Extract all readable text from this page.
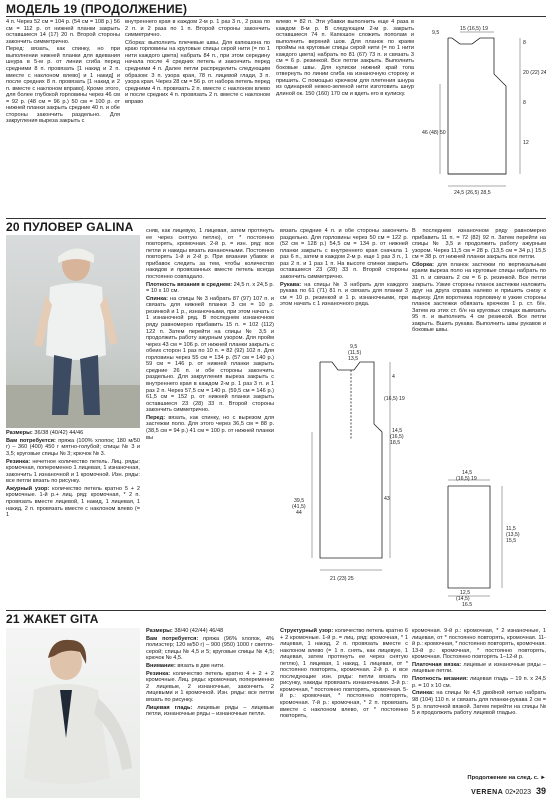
МОДЕЛЬ 19 (ПРОДОЛЖЕНИЕ)

4 п. Через 52 см = 104 р. (54 см = 108 р.) 56 см = 112 р. от нижней планки закрыть оставшиеся 14 (17) 20 п. Второй стороны закончить симметрично.

Перед: вязать, как спинку, но при выполнении нижней планки для вдевания шнура в 5-м р. от линии сгиба перед средними 8 п. провязать [1 накид и 2 п. вместе с наклоном влево] и 1 накид] и после средних 8 п. провязать [1 накид и 2 п. вместе с наклоном вправо]. Кроме этого, для более глубокой горловины через 46 см = 92 р. (48 см = 96 р.) 50 см = 100 р. от нижней планки закрыть средние 40 п. и обе стороны закончить раздельно. Для закругления выреза закрыть с

внутреннего края в каждом 2-м р. 1 раз 3 п., 2 раза по 2 п. и 2 раза по 1 п. Второй стороны закончить симметрично.

Сборка: выполнить плечевые швы. Для капюшона по краю горловины на круговые спицы серой нити (= по 1 нити каждого цвета) набрать 84 п., при этом середину начала после 4 средних петель и закончить перед средними 4 п. Далее петли распределить следующим образом: 3 п. узора края, 78 п. лицевой глади, 3 п. узора края. Через 28 см = 56 р. от набора петель перед средними 4 п. провязать 2 п. вместе с наклоном влево и после средних 4 п. провязать 2 п. вместе с наклоном вправо

влево = 82 п. Эти убавки выполнить еще 4 раза в каждом 8-м р. В следующем 2-м р. закрыть оставшиеся 74 п. Капюшон сложить пополам и выполнить верхний шов. Для планок по краям проймы на круговые спицы серой нити (= по 1 нити каждого цвета) набрать по 81 (67) 73 п. и связать 3 см = 6 р. резинкой. Все петли закрыть. Выполнить боковые швы. Для кулиски нижний край топа отвернуть по линии сгиба на изнаночную сторону и пришить. С помощью крючком для плетения шнура из одинарной нежно-зеленой нити изготовить шнур длиной ок. 150 (160) 170 см и вдеть его в кулиску.

9,5
15 (16,5) 19
8
20 (22) 24
8
12
46 (48) 50
24,5 (26,5) 28,5
20 ПУЛОВЕР GALINA

Размеры: 36/38 (40/42) 44/46

Вам потребуется: пряжа (100% хлопок; 180 м/50 г) – 360 (400) 450 г мятно-голубой; спицы № 3 и 3,5; круговые спицы № 3; крючок № 3.

Резинка: нечетное количество петель. Лиц. ряды: кромочная, попеременно 1 лицевая, 1 изнаночная, закончить 1 изнаночной и 1 кромочной. Изн. ряды: все петли вязать по рисунку.

Ажурный узор: количество петель кратно 5 + 2 кромочные. 1-й р.+ лиц. ряд: кромочная, * 2 п. провязать вместе лицевой, 1 накид, 1 лицевая, 1 накид, 2 п. провязать вместе с наклоном влево (= 1

сняв, как лицевую, 1 лицевая, затем протянуть ее через снятую петлю), от * постоянно повторять, кромочная. 2-й р. = изн. ряд: все петли и накиды вязать изнаночными. Постоянно повторять 1-й и 2-й р. При вязании убавок и прибавок следить за тем, чтобы количество накидов и провязанных вместе петель всегда постоянно совпадало.

Плотность вязания в среднем: 24,5 п. х 24,5 р. = 10 х 10 см.

Спинка: на спицы № 3 набрать 87 (97) 107 п. и связать для нижней планки 3 см = 10 р. резинкой и 1 р., изнаночными, при этом начать с 1 изнаночной ряд. В последнем изнаночном ряду равномерно прибавить 15 п. = 102 (112) 122 п. Затем перейти на спицы № 3,5 и продолжить работу ажурным узором. Для пройм через 43 см = 106 р. от нижней планки закрыть с обеих сторон 1 раз по 10 п. = 82 (92) 102 п. Для горловины через 55 см = 134 р. (57 см = 140 р.) 59 см = 146 р. от нижней планки закрыть средние 26 п. и обе стороны закончить раздельно. Для закругления выреза закрыть с внутреннего края в каждом 2-м р. 1 раз 3 п. и 1 раз 2 п. Через 57,5 см = 140 р. (59,5 см = 146 р.) 61,5 см = 152 р. от нижней планки закрыть оставшиеся 23 (28) 33 п. Второй стороны закончить симметрично.

Перед: вязать, как спинку, но с вырезом для застежки поло. Для этого через 36,5 см = 88 р. (38,5 см = 94 р.) 41 см = 100 р. от нижней планки вы

вязать средние 4 п. и обе стороны закончить раздельно. Для горловины через 50 см = 122 р. (52 см = 128 р.) 54,5 см = 134 р. от нижней планки закрыть с внутреннего края сначала 1 раз 6 п., затем в каждом 2-м р. еще 1 раз 3 п., 1 раз 2 п. и 1 раз 1 п. На высоте спинки закрыть оставшиеся 23 (28) 33 п. Второй стороны закончить симметрично.

Рукава: на спицы № 3 набрать для каждого рукава по 61 (71) 81 п. и связать для планки 3 см = 10 р. резинкой и 1 р. изнаночными, при этом начать с 1 изнаночного ряда.

В последнем изнаночном ряду равномерно прибавить 11 п. = 72 (82) 92 п. Затем перейти на спицы № 3,5 и продолжить работу ажурным узором. Через 11,5 см = 28 р. (13,5 см = 34 р.) 15,5 см = 38 р. от нижней планки закрыть все петли.

Сборка: для планок застежки по вертикальным краям выреза поло на круговые спицы набрать по 31 п. и связать 2 см = 6 р. резинкой. Все петли закрыть. Узкие стороны планок застежки наложить друг на друга справа налево и пришить снизу к вырезу. Для воротника горловину в узкие стороны планок застежки обвязать крючком 1 р. ст. б/н. Затем из этих ст. б/н на круговых спицах вывязать 95 п. и выполнить 4 см резинкой. Все петли закрыть. Вшить рукава. Выполнить швы рукавов и боковые швы.

9,5
(11,5)
13,5
4
(16,5) 19
14,5
(16,5)
18,5
39,5
(41,5)
44
43
21 (23) 25
14,5
(16,5) 19
11,5
(13,5)
15,5
12,5
(14,5)
16,5
21 ЖАКЕТ GITA

Размеры: 38/40 (42/44) 46/48

Вам потребуется: пряжа (96% хлопок, 4% полиэстер; 120 м/50 г) – 900 (950) 1000 г светло-серой; спицы № 4,5 и 5; круговые спицы № 4,5; крючок № 4,5.

Внимание: вязать в две нити.

Резинка: количество петель кратно 4 + 2 + 2 кромочные. Лиц. ряды: кромочная, попеременно 2 лицевые, 2 изнаночные, закончить 2 лицевыми и 1 кромочной. Изн. ряды: все петли вязать по рисунку.

Лицевая гладь: лицевые ряды – лицевые петли, изнаночные ряды – изнаночные петли.

Структурный узор: количество петель кратно 6 + 2 кромочные. 1-й р. = лиц. ряд: кромочная, * 1 лицевая, 1 накид, 2 п. провязать вместе с наклоном влево (= 1 п. снять, как лицевую, 1 лицевая, затем протянуть ее через снятую петлю), 1 лицевая, 1 накид, 1 лицевая, от * постоянно повторять, кромочная. 2-й р. и все последующие изн. ряды: петли вязать по рисунку, накиды провязать изнаночными. 3-й р.: кромочная, * постоянно повторять, кромочная. 5-й р.: кромочная, * постоянно повторять, кромочная. 7-й р.: кромочная, * 2 п. провязать вместе с наклоном влево, от * постоянно повторять,

кромочная. 9-й р.: кромочная, * 2 изнаночные, 1 лицевая, от * постоянно повторять, кромочная. 11-й р.: кромочная, * постоянно повторять, кромочная. 13-й р.: кромочная, * постоянно повторять, кромочная. Постоянно повторять 1–12-й р.

Платочная вязка: лицевые и изнаночные ряды – лицевые петли.

Плотность вязания: лицевая гладь – 19 п. x 24,5 р. = 10 х 10 см.

Спинка: на спицы № 4,5 двойной нитью набрать 98 (104) 110 п. и связать для планки-рукава 2 см = 5 р. платочной вязкой. Затем перейти на спицы № 5 и продолжить работу лицевой гладью.

Продолжение на след. с. ►
VERENA 02•2023 39
